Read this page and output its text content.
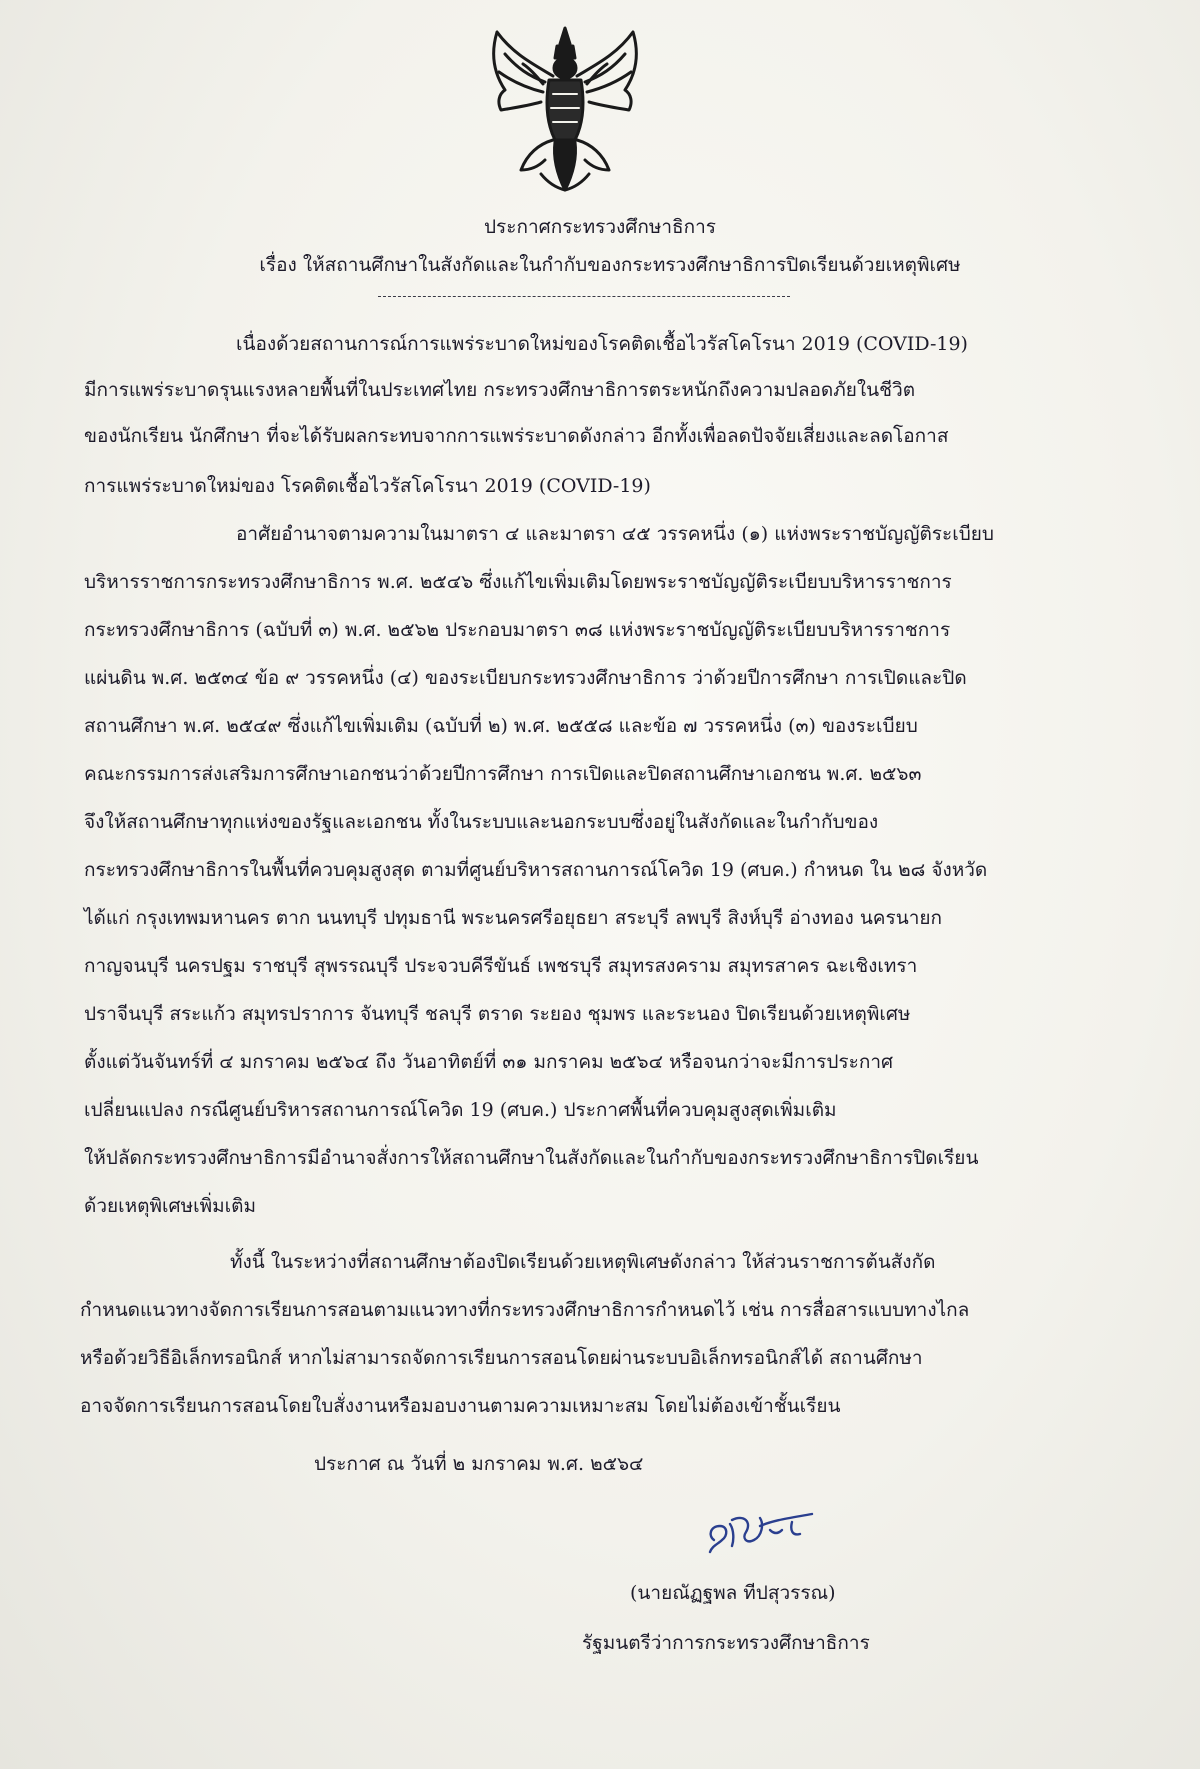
ประกาศกระทรวงศึกษาธิการ
เรื่อง ให้สถานศึกษาในสังกัดและในกำกับของกระทรวงศึกษาธิการปิดเรียนด้วยเหตุพิเศษ
เนื่องด้วยสถานการณ์การแพร่ระบาดใหม่ของโรคติดเชื้อไวรัสโคโรนา 2019 (COVID-19)
มีการแพร่ระบาดรุนแรงหลายพื้นที่ในประเทศไทย กระทรวงศึกษาธิการตระหนักถึงความปลอดภัยในชีวิต
ของนักเรียน นักศึกษา ที่จะได้รับผลกระทบจากการแพร่ระบาดดังกล่าว อีกทั้งเพื่อลดปัจจัยเสี่ยงและลดโอกาส
การแพร่ระบาดใหม่ของ โรคติดเชื้อไวรัสโคโรนา 2019 (COVID-19)
อาศัยอำนาจตามความในมาตรา ๔ และมาตรา ๔๕ วรรคหนึ่ง (๑) แห่งพระราชบัญญัติระเบียบ
บริหารราชการกระทรวงศึกษาธิการ พ.ศ. ๒๕๔๖ ซึ่งแก้ไขเพิ่มเติมโดยพระราชบัญญัติระเบียบบริหารราชการ
กระทรวงศึกษาธิการ (ฉบับที่ ๓) พ.ศ. ๒๕๖๒ ประกอบมาตรา ๓๘ แห่งพระราชบัญญัติระเบียบบริหารราชการ
แผ่นดิน พ.ศ. ๒๕๓๔ ข้อ ๙ วรรคหนึ่ง (๔) ของระเบียบกระทรวงศึกษาธิการ ว่าด้วยปีการศึกษา การเปิดและปิด
สถานศึกษา พ.ศ. ๒๕๔๙ ซึ่งแก้ไขเพิ่มเติม (ฉบับที่ ๒) พ.ศ. ๒๕๕๘ และข้อ ๗ วรรคหนึ่ง (๓) ของระเบียบ
คณะกรรมการส่งเสริมการศึกษาเอกชนว่าด้วยปีการศึกษา การเปิดและปิดสถานศึกษาเอกชน พ.ศ. ๒๕๖๓
จึงให้สถานศึกษาทุกแห่งของรัฐและเอกชน ทั้งในระบบและนอกระบบซึ่งอยู่ในสังกัดและในกำกับของ
กระทรวงศึกษาธิการในพื้นที่ควบคุมสูงสุด ตามที่ศูนย์บริหารสถานการณ์โควิด 19 (ศบค.) กำหนด ใน ๒๘ จังหวัด
ได้แก่ กรุงเทพมหานคร ตาก นนทบุรี ปทุมธานี พระนครศรีอยุธยา สระบุรี ลพบุรี สิงห์บุรี อ่างทอง นครนายก
กาญจนบุรี นครปฐม ราชบุรี สุพรรณบุรี ประจวบคีรีขันธ์ เพชรบุรี สมุทรสงคราม สมุทรสาคร ฉะเชิงเทรา
ปราจีนบุรี สระแก้ว สมุทรปราการ จันทบุรี ชลบุรี ตราด ระยอง ชุมพร และระนอง ปิดเรียนด้วยเหตุพิเศษ
ตั้งแต่วันจันทร์ที่ ๔ มกราคม ๒๕๖๔ ถึง วันอาทิตย์ที่ ๓๑ มกราคม ๒๕๖๔ หรือจนกว่าจะมีการประกาศ
เปลี่ยนแปลง กรณีศูนย์บริหารสถานการณ์โควิด 19 (ศบค.) ประกาศพื้นที่ควบคุมสูงสุดเพิ่มเติม
ให้ปลัดกระทรวงศึกษาธิการมีอำนาจสั่งการให้สถานศึกษาในสังกัดและในกำกับของกระทรวงศึกษาธิการปิดเรียน
ด้วยเหตุพิเศษเพิ่มเติม
ทั้งนี้ ในระหว่างที่สถานศึกษาต้องปิดเรียนด้วยเหตุพิเศษดังกล่าว ให้ส่วนราชการต้นสังกัด
กำหนดแนวทางจัดการเรียนการสอนตามแนวทางที่กระทรวงศึกษาธิการกำหนดไว้ เช่น การสื่อสารแบบทางไกล
หรือด้วยวิธีอิเล็กทรอนิกส์ หากไม่สามารถจัดการเรียนการสอนโดยผ่านระบบอิเล็กทรอนิกส์ได้ สถานศึกษา
อาจจัดการเรียนการสอนโดยใบสั่งงานหรือมอบงานตามความเหมาะสม โดยไม่ต้องเข้าชั้นเรียน
ประกาศ ณ วันที่ ๒ มกราคม พ.ศ. ๒๕๖๔
(นายณัฏฐพล ทีปสุวรรณ)
รัฐมนตรีว่าการกระทรวงศึกษาธิการ
